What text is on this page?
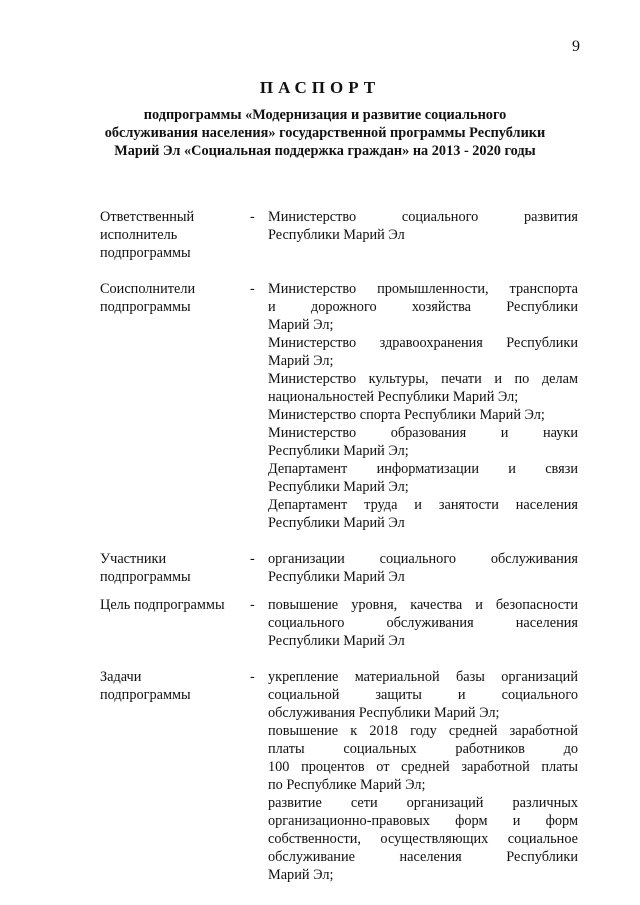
9
ПАСПОРТ
подпрограммы «Модернизация и развитие социального
обслуживания населения» государственной программы Республики
Марий Эл «Социальная поддержка граждан» на 2013 - 2020 годы
Ответственный
исполнитель
подпрограммы
- Министерство социального развития
Республики Марий Эл
Соисполнители
подпрограммы
- Министерство промышленности, транспорта
и дорожного хозяйства Республики
Марий Эл;
Министерство здравоохранения Республики
Марий Эл;
Министерство культуры, печати и по делам
национальностей Республики Марий Эл;
Министерство спорта Республики Марий Эл;
Министерство образования и науки
Республики Марий Эл;
Департамент информатизации и связи
Республики Марий Эл;
Департамент труда и занятости населения
Республики Марий Эл
Участники
подпрограммы
- организации социального обслуживания
Республики Марий Эл
Цель подпрограммы	- повышение уровня, качества и безопасности
социального обслуживания населения
Республики Марий Эл
Задачи
подпрограммы
- укрепление материальной базы организаций
социальной защиты и социального
обслуживания Республики Марий Эл;
повышение к 2018 году средней заработной
платы социальных работников до
100 процентов от средней заработной платы
по Республике Марий Эл;
развитие сети организаций различных
организационно-правовых форм и форм
собственности, осуществляющих социальное
обслуживание населения Республики
Марий Эл;
